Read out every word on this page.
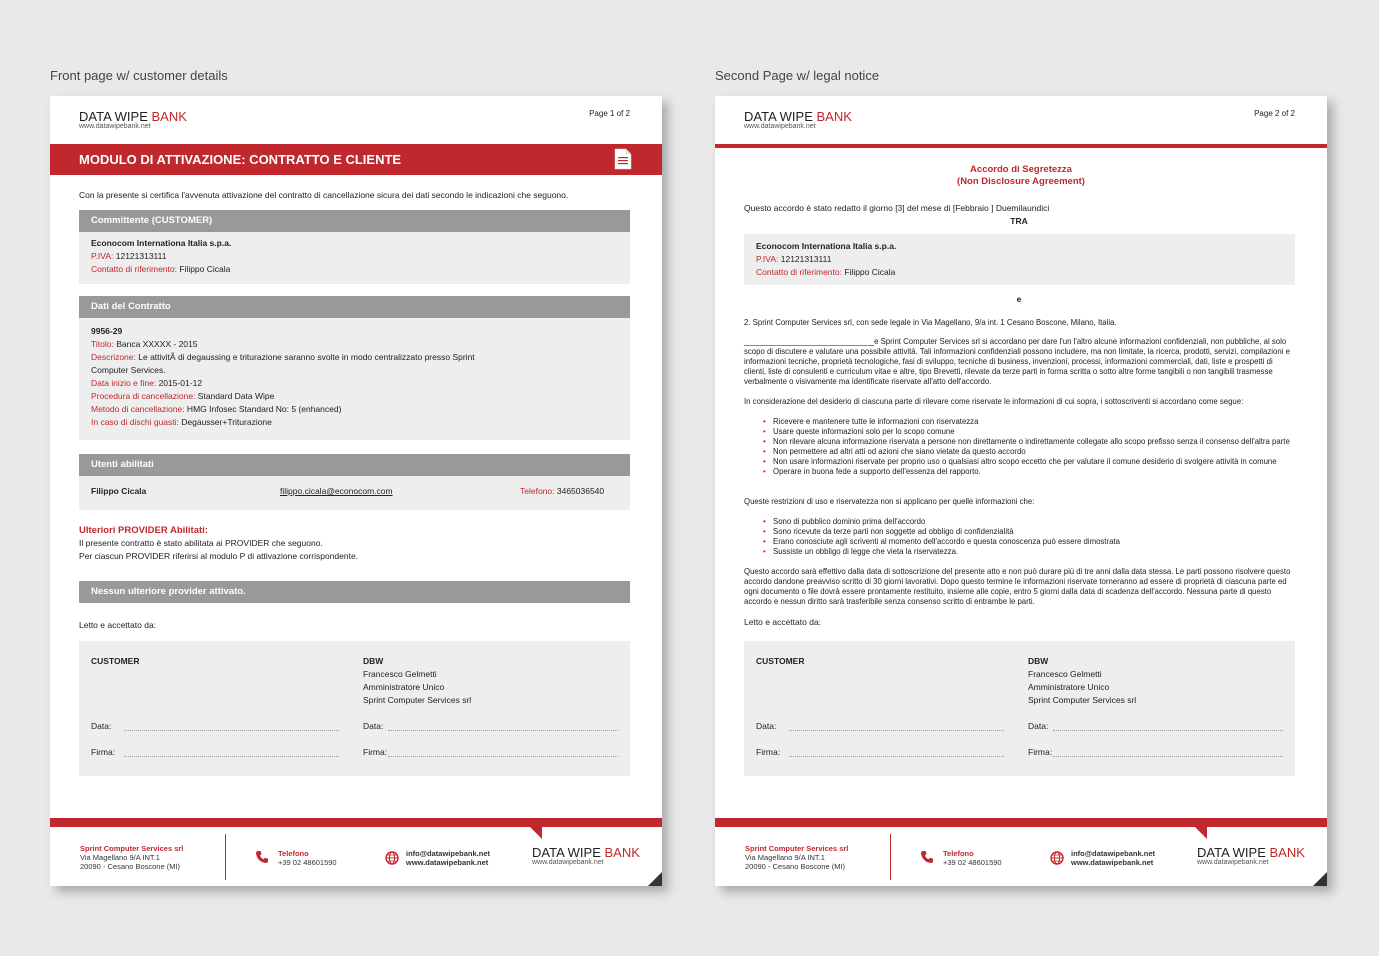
Front page w/ customer details	Second Page w/ legal notice
DATA WIPE BANK
www.datawipebank.net
Page 1 of 2
MODULO DI ATTIVAZIONE: CONTRATTO E CLIENTE
Con la presente si certifica l'avvenuta attivazione del contratto di cancellazione sicura dei dati secondo le indicazioni che seguono.
Committente (CUSTOMER)
Econocom Internationa Italia s.p.a.
P.IVA: 12121313111
Contatto di riferimento: Filippo Cicala
Dati del Contratto
9956-29
Titolo: Banca XXXXX - 2015
Descrizone: Le attivitÃ di degaussing e triturazione saranno svolte in modo centralizzato presso Sprint
Computer Services.
Data inizio e fine: 2015-01-12
Procedura di cancellazione: Standard Data Wipe
Metodo di cancellazione: HMG Infosec Standard No: 5 (enhanced)
In caso di dischi guasti: Degausser+Triturazione
Utenti abilitati
Filippo Cicala	filippo.cicala@econocom.com	Telefono: 3465036540
Ulteriori PROVIDER Abilitati:
Il presente contratto è stato abilitata ai PROVIDER che seguono.
Per ciascun PROVIDER riferirsi al modulo P di attivazione corrispondente.
Nessun ulteriore provider attivato.
Letto e accettato da:
CUSTOMER	DBW
Francesco Gelmetti
Amministratore Unico
Sprint Computer Services srl
Data:	Data:
Firma:	Firma:
Sprint Computer Services srl
Via Magellano 9/A INT.1
20090 - Cesano Boscone (MI)
Telefono
+39 02 48601590
info@datawipebank.net
www.datawipebank.net
DATA WIPE BANK
www.datawipebank.net
DATA WIPE BANK
www.datawipebank.net
Page 2 of 2
Accordo di Segretezza
(Non Disclosure Agreement)
Questo accordo è stato redatto il giorno [3] del mese di [Febbraio ] Duemilaundici
TRA
Econocom Internationa Italia s.p.a.
P.IVA: 12121313111
Contatto di riferimento: Filippo Cicala
e
2. Sprint Computer Services srl, con sede legale in Via Magellano, 9/a int. 1 Cesano Boscone, Milano, Italia.
______________________________e Sprint Computer Services srl si accordano per dare l'un l'altro alcune informazioni confidenziali, non pubbliche, al solo scopo di discutere e valutare una possibile attività. Tali informazioni confidenziali possono includere, ma non limitate, la ricerca, prodotti, servizi, compilazioni e informazioni tecniche, proprietà tecnologiche, fasi di sviluppo, tecniche di business, invenzioni, processi, informazioni commerciali, dati, liste e prospetti di clienti, liste di consulenti e curriculum vitae e altre, tipo Brevetti, rilevate da terze parti in forma scritta o sotto altre forme tangibili o non tangibili trasmesse verbalmente o visivamente ma identificate riservate all'atto dell'accordo.
In considerazione del desiderio di ciascuna parte di rilevare come riservate le informazioni di cui sopra, i sottoscriventi si accordano come segue:
• Ricevere e mantenere tutte le informazioni con riservatezza
• Usare queste informazioni solo per lo scopo comune
• Non rilevare alcuna informazione riservata a persone non direttamente o indirettamente collegate allo scopo prefisso senza il consenso dell'altra parte
• Non permettere ad altri atti od azioni che siano vietate da questo accordo
• Non usare informazioni riservate per proprio uso o qualsiasi altro scopo eccetto che per valutare il comune desiderio di svolgere attività in comune
• Operare in buona fede a supporto dell'essenza del rapporto.
Queste restrizioni di uso e riservatezza non si applicano per quelle informazioni che:
• Sono di pubblico dominio prima dell'accordo
• Sono ricevute da terze parti non soggette ad obbligo di confidenzialità
• Erano conosciute agli scriventi al momento dell'accordo e questa conoscenza può essere dimostrata
• Sussiste un obbligo di legge che vieta la riservatezza.
Questo accordo sarà effettivo dalla data di sottoscrizione del presente atto e non può durare più di tre anni dalla data stessa. Le parti possono risolvere questo accordo dandone preavviso scritto di 30 giorni lavorativi. Dopo questo termine le informazioni riservate torneranno ad essere di proprietà di ciascuna parte ed ogni documento o file dovrà essere prontamente restituito, insieme alle copie, entro 5 giorni dalla data di scadenza dell'accordo. Nessuna parte di questo accordo e nessun diritto sarà trasferibile senza consenso scritto di entrambe le parti.
Letto e accettato da:
CUSTOMER	DBW
Francesco Gelmetti
Amministratore Unico
Sprint Computer Services srl
Data:	Data:
Firma:	Firma:
Sprint Computer Services srl
Via Magellano 9/A INT.1
20090 - Cesano Boscone (MI)
Telefono
+39 02 48601590
info@datawipebank.net
www.datawipebank.net
DATA WIPE BANK
www.datawipebank.net
